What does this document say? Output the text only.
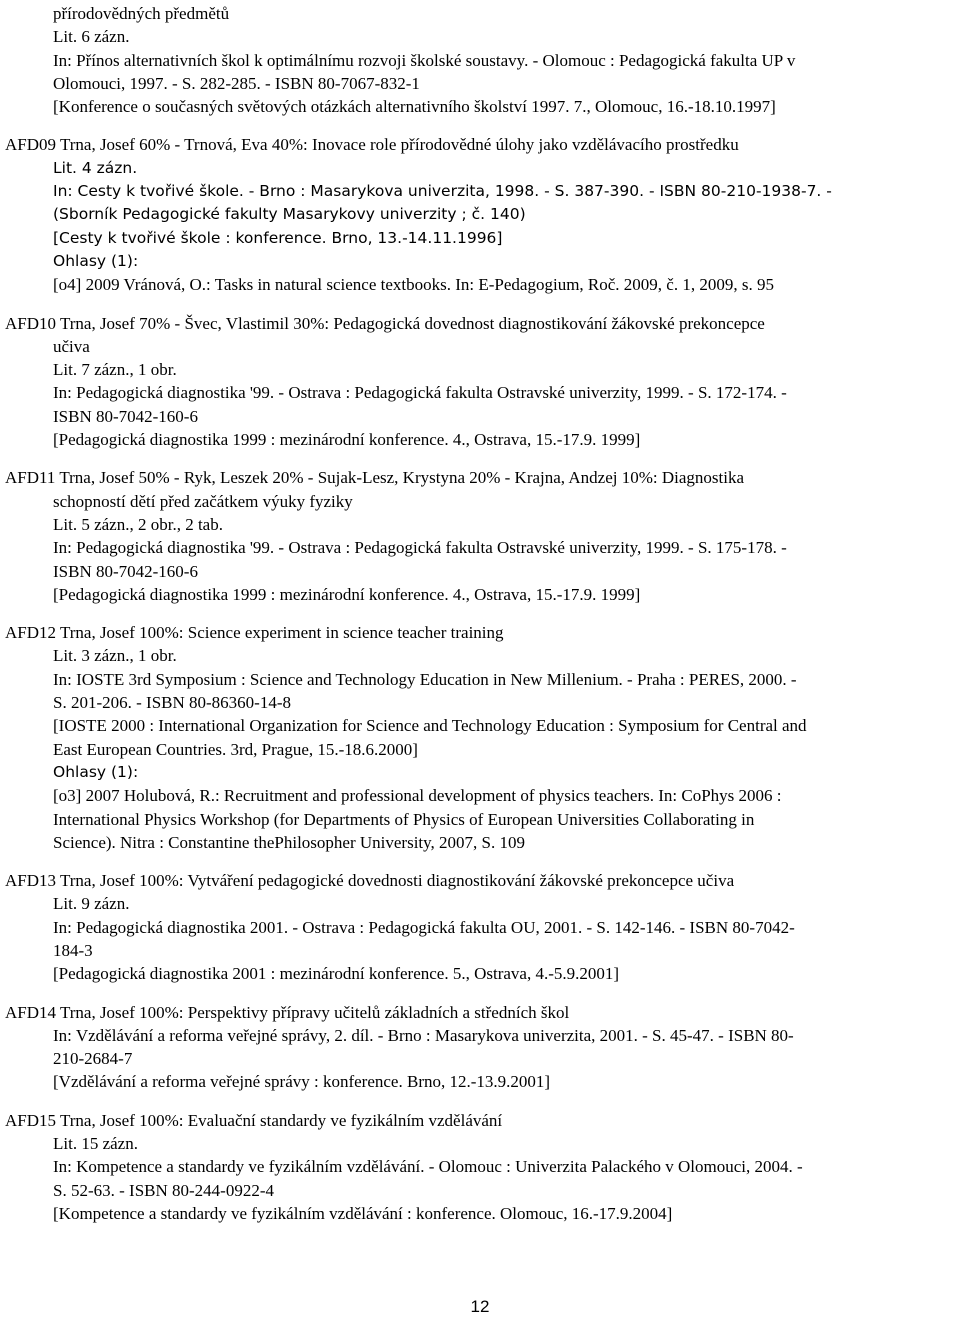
přírodovědných předmětů
Lit. 6 zázn.
In: Přínos alternativních škol k optimálnímu rozvoji školské soustavy. - Olomouc : Pedagogická fakulta UP v
Olomouci, 1997. - S. 282-285. - ISBN 80-7067-832-1
[Konference o současných světových otázkách alternativního školství 1997. 7., Olomouc, 16.-18.10.1997]
AFD09 Trna, Josef 60% - Trnová, Eva 40%: Inovace role přírodovědné úlohy jako vzdělávacího prostředku
Lit. 4 zázn.
In: Cesty k tvořivé škole. - Brno : Masarykova univerzita, 1998. - S. 387-390. - ISBN 80-210-1938-7. -
(Sborník Pedagogické fakulty Masarykovy univerzity ; č. 140)
[Cesty k tvořivé škole : konference. Brno, 13.-14.11.1996]
Ohlasy (1):
[o4] 2009 Vránová, O.: Tasks in natural science textbooks. In: E-Pedagogium, Roč. 2009, č. 1, 2009, s. 95
AFD10 Trna, Josef 70% - Švec, Vlastimil 30%: Pedagogická dovednost diagnostikování žákovské prekoncepce
učiva
Lit. 7 zázn., 1 obr.
In: Pedagogická diagnostika '99. - Ostrava : Pedagogická fakulta Ostravské univerzity, 1999. - S. 172-174. -
ISBN 80-7042-160-6
[Pedagogická diagnostika 1999 : mezinárodní konference. 4., Ostrava, 15.-17.9. 1999]
AFD11 Trna, Josef 50% - Ryk, Leszek 20% - Sujak-Lesz, Krystyna 20% - Krajna, Andzej 10%: Diagnostika
schopností dětí před začátkem výuky fyziky
Lit. 5 zázn., 2 obr., 2 tab.
In: Pedagogická diagnostika '99. - Ostrava : Pedagogická fakulta Ostravské univerzity, 1999. - S. 175-178. -
ISBN 80-7042-160-6
[Pedagogická diagnostika 1999 : mezinárodní konference. 4., Ostrava, 15.-17.9. 1999]
AFD12 Trna, Josef 100%: Science experiment in science teacher training
Lit. 3 zázn., 1 obr.
In: IOSTE 3rd Symposium : Science and Technology Education in New Millenium. - Praha : PERES, 2000. -
S. 201-206. - ISBN 80-86360-14-8
[IOSTE 2000 : International Organization for Science and Technology Education : Symposium for Central and
East European Countries. 3rd, Prague, 15.-18.6.2000]
Ohlasy (1):
[o3] 2007 Holubová, R.: Recruitment and professional development of physics teachers. In: CoPhys 2006 :
International Physics Workshop (for Departments of Physics of European Universities Collaborating in
Science). Nitra : Constantine thePhilosopher University, 2007, S. 109
AFD13 Trna, Josef 100%: Vytváření pedagogické dovednosti diagnostikování žákovské prekoncepce učiva
Lit. 9 zázn.
In: Pedagogická diagnostika 2001. - Ostrava : Pedagogická fakulta OU, 2001. - S. 142-146. - ISBN 80-7042-
184-3
[Pedagogická diagnostika 2001 : mezinárodní konference. 5., Ostrava, 4.-5.9.2001]
AFD14 Trna, Josef 100%: Perspektivy přípravy učitelů základních a středních škol
In: Vzdělávání a reforma veřejné správy, 2. díl. - Brno : Masarykova univerzita, 2001. - S. 45-47. - ISBN 80-
210-2684-7
[Vzdělávání a reforma veřejné správy : konference. Brno, 12.-13.9.2001]
AFD15 Trna, Josef 100%: Evaluační standardy ve fyzikálním vzdělávání
Lit. 15 zázn.
In: Kompetence a standardy ve fyzikálním vzdělávání. - Olomouc : Univerzita Palackého v Olomouci, 2004. -
S. 52-63. - ISBN 80-244-0922-4
[Kompetence a standardy ve fyzikálním vzdělávání : konference. Olomouc, 16.-17.9.2004]
12
